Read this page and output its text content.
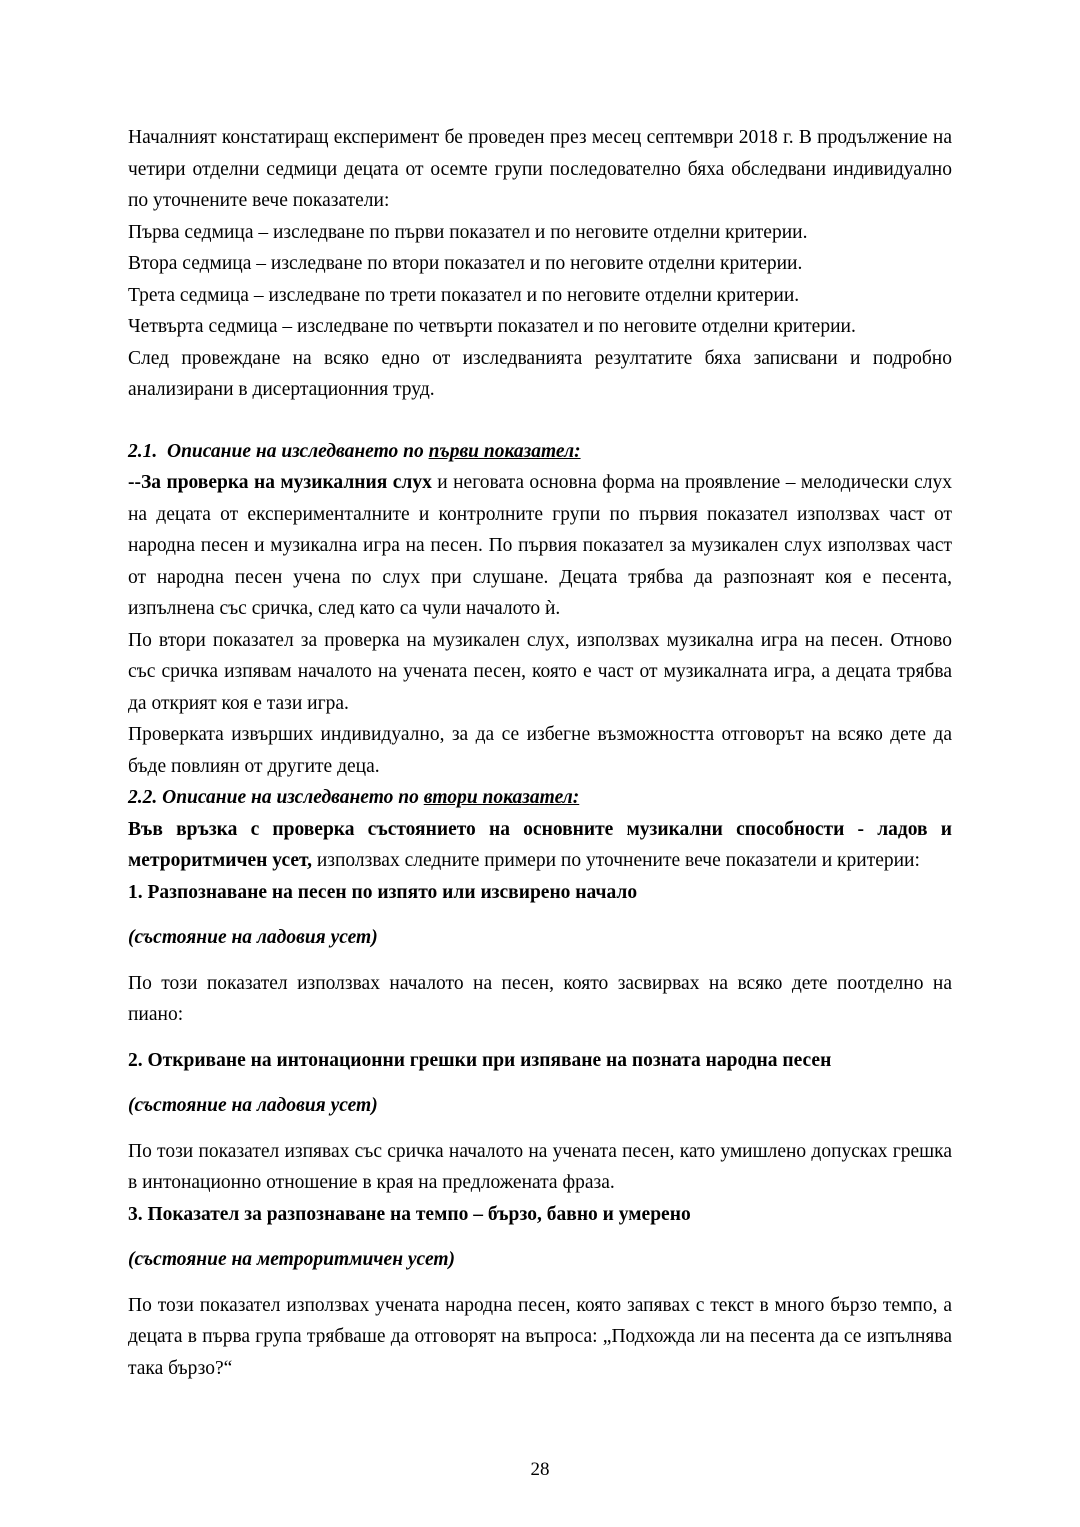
Началният констатиращ експеримент бе проведен през месец септември 2018 г. В продължение на четири отделни седмици децата от осемте групи последователно бяха обследвани индивидуално по уточнените вече показатели:

Първа седмица – изследване по първи показател и по неговите отделни критерии.

Втора седмица – изследване по втори показател и по неговите отделни критерии.

Трета седмица – изследване по трети показател и по неговите отделни критерии.

Четвърта седмица – изследване по четвърти показател и по неговите отделни критерии.

След провеждане на всяко едно от изследванията резултатите бяха записвани и подробно анализирани в дисертационния труд.

2.1. Описание на изследването по първи показател:

--За проверка на музикалния слух и неговата основна форма на проявление – мелодически слух на децата от експерименталните и контролните групи по първия показател използвах част от народна песен и музикална игра на песен. По първия показател за музикален слух използвах част от народна песен учена по слух при слушане. Децата трябва да разпознаят коя е песента, изпълнена със сричка, след като са чули началото ѝ.

По втори показател за проверка на музикален слух, използвах музикална игра на песен. Отново със сричка изпявам началото на учената песен, която е част от музикалната игра, а децата трябва да открият коя е тази игра.

Проверката извърших индивидуално, за да се избегне възможността отговорът на всяко дете да бъде повлиян от другите деца.

2.2. Описание на изследването по втори показател:

Във връзка с проверка състоянието на основните музикални способности - ладов и метроритмичен усет, използвах следните примери по уточнените вече показатели и критерии:

1. Разпознаване на песен по изпято или изсвирено начало

(състояние на ладовия усет)

По този показател използвах началото на песен, която засвирвах на всяко дете поотделно на пиано:

2. Откриване на интонационни грешки при изпяване на позната народна песен

(състояние на ладовия усет)

По този показател изпявах със сричка началото на учената песен, като умишлено допусках грешка в интонационно отношение в края на предложената фраза.

3. Показател за разпознаване на темпо – бързо, бавно и умерено

(състояние на метроритмичен усет)

По този показател използвах учената народна песен, която запявах с текст в много бързо темпо, а децата в първа група трябваше да отговорят на въпроса: „Подхожда ли на песента да се изпълнява така бързо?“

28
